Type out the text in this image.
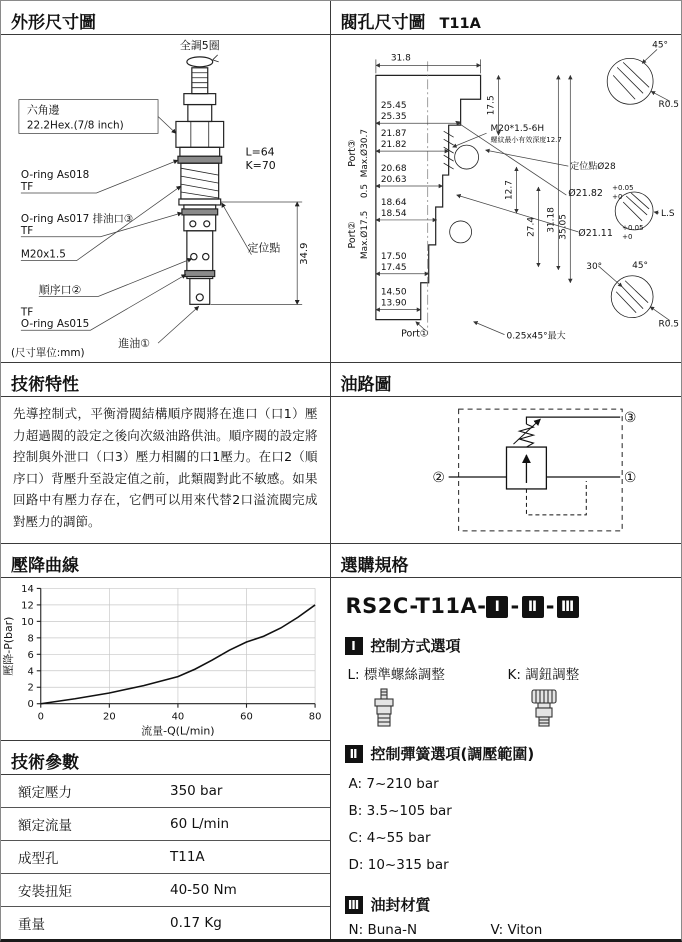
外形尺寸圖
全調5圈
六角邊
22.2Hex.(7/8 inch)
L=64
K=70
O-ring As018
TF
O-ring As017 排油口③
TF
M20x1.5
順序口②
TF
O-ring As015
進油①
定位點 34.9
(尺寸單位:mm)
技術特性
先導控制式，平衡滑閥結構順序閥將在進口（口1）壓力超過閥的設定之後向次級油路供油。順序閥的設定將控制與外泄口（口3）壓力相關的口1壓力。在口2（順序口）背壓升至設定值之前，此類閥對此不敏感。如果回路中有壓力存在，它們可以用來代替2口溢流閥完成對壓力的調節。
壓降曲線
壓降-P(bar)
流量-Q(L/min)
0	20	40	60	80
0
2
4
6
8
10
12
14
技術參數
額定壓力	350 bar
額定流量	60 L/min
成型孔	T11A
安裝扭矩	40-50 Nm
重量	0.17 Kg
閥孔尺寸圖 T11A
31.8
25.45
25.35
21.87
21.82
20.68
20.63
18.64
18.54
17.50
17.45
14.50
13.90
Port③ Max.Ø30.7
0.5
Port② Max.Ø17.5
Port①
17.5
12.7
27.4 31.18 35.05
M20*1.5-6H
螺紋最小有效深度12.7
定位點Ø28
Ø21.82 +0.05
+0
Ø21.11 +0.05
+0
L.S
30°	45°
R0.5
45°
R0.5
0.25x45°最大
油路圖
②	①
③
選購規格
RS2C-T11A- Ⅰ - Ⅱ - Ⅲ
Ⅰ 控制方式選項
L: 標準螺絲調整	K: 調鈕調整
Ⅱ 控制彈簧選項(調壓範圍)
A: 7~210 bar
B: 3.5~105 bar
C: 4~55 bar
D: 10~315 bar
Ⅲ 油封材質
N: Buna-N	V: Viton
